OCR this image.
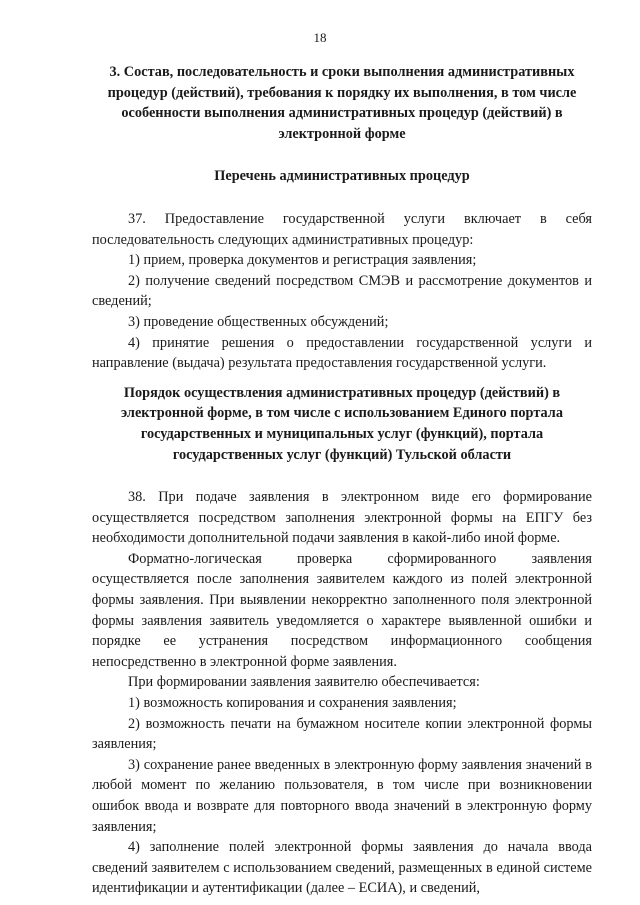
18

3. Состав, последовательность и сроки выполнения административных процедур (действий), требования к порядку их выполнения, в том числе особенности выполнения административных процедур (действий) в электронной форме

Перечень административных процедур

37. Предоставление государственной услуги включает в себя последовательность следующих административных процедур:

1) прием, проверка документов и регистрация заявления;

2) получение сведений посредством СМЭВ и рассмотрение документов и сведений;

3) проведение общественных обсуждений;

4) принятие решения о предоставлении государственной услуги и направление (выдача) результата предоставления государственной услуги.

Порядок осуществления административных процедур (действий) в электронной форме, в том числе с использованием Единого портала государственных и муниципальных услуг (функций), портала государственных услуг (функций) Тульской области

38. При подаче заявления в электронном виде его формирование осуществляется посредством заполнения электронной формы на ЕПГУ без необходимости дополнительной подачи заявления в какой-либо иной форме.

Форматно-логическая проверка сформированного заявления осуществляется после заполнения заявителем каждого из полей электронной формы заявления. При выявлении некорректно заполненного поля электронной формы заявления заявитель уведомляется о характере выявленной ошибки и порядке ее устранения посредством информационного сообщения непосредственно в электронной форме заявления.

При формировании заявления заявителю обеспечивается:

1) возможность копирования и сохранения заявления;

2) возможность печати на бумажном носителе копии электронной формы заявления;

3) сохранение ранее введенных в электронную форму заявления значений в любой момент по желанию пользователя, в том числе при возникновении ошибок ввода и возврате для повторного ввода значений в электронную форму заявления;

4) заполнение полей электронной формы заявления до начала ввода сведений заявителем с использованием сведений, размещенных в единой системе идентификации и аутентификации (далее – ЕСИА), и сведений,
